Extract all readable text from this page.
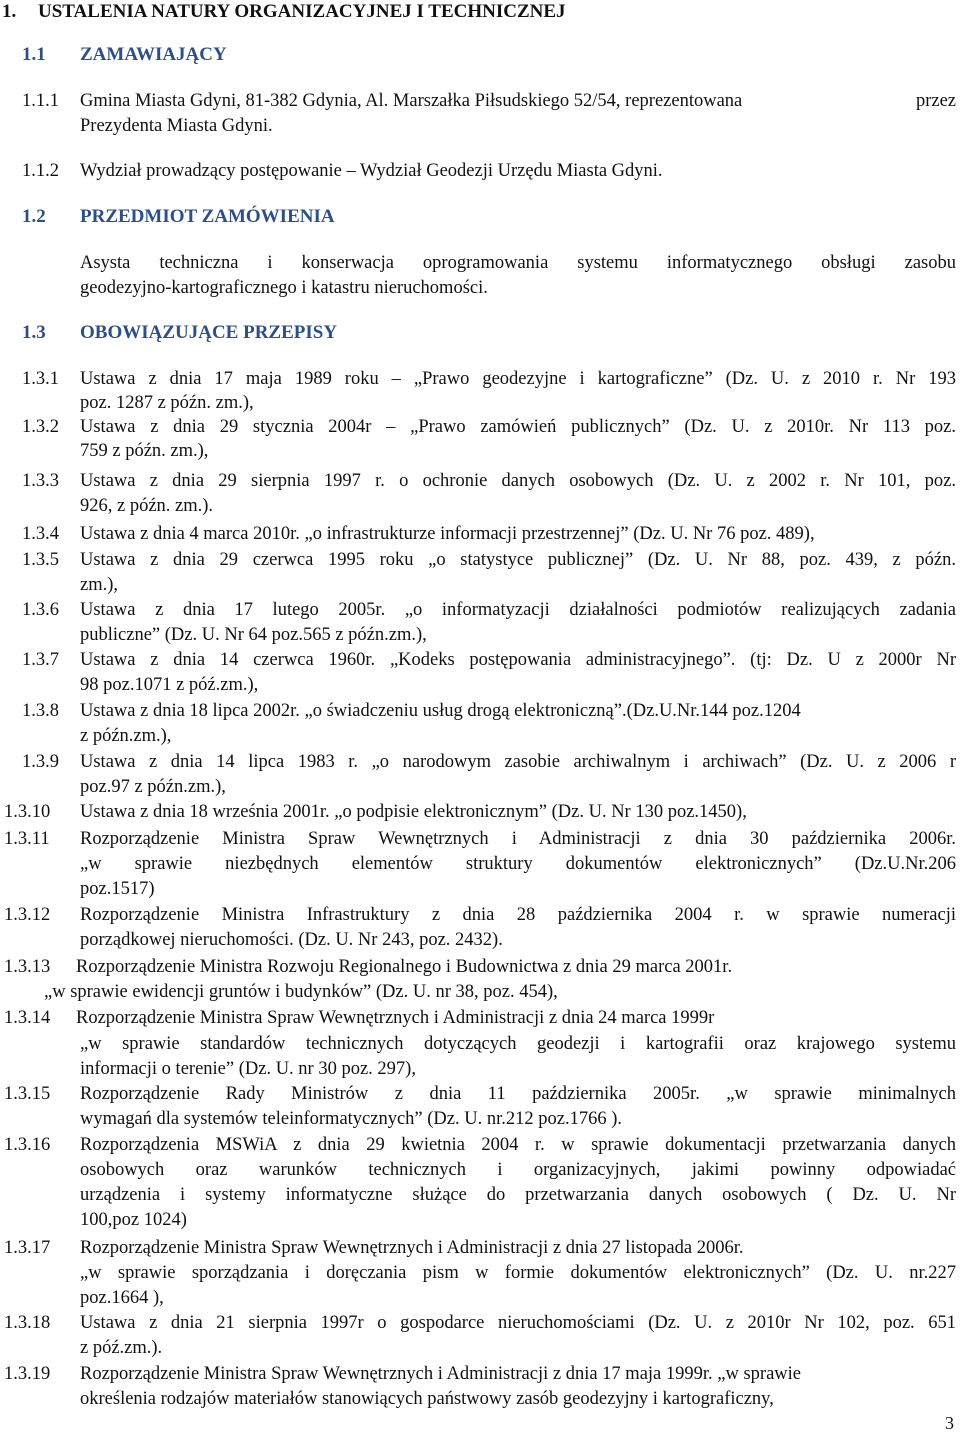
1. USTALENIA NATURY ORGANIZACYJNEJ I TECHNICZNEJ
1.1 ZAMAWIAJĄCY
1.1.1 Gmina Miasta Gdyni, 81-382 Gdynia, Al. Marszałka Piłsudskiego 52/54, reprezentowana	przez
Prezydenta Miasta Gdyni.
1.1.2 Wydział prowadzący postępowanie – Wydział Geodezji Urzędu Miasta Gdyni.
1.2 PRZEDMIOT ZAMÓWIENIA
Asysta techniczna i konserwacja oprogramowania systemu informatycznego obsługi zasobu
geodezyjno-kartograficznego i katastru nieruchomości.
1.3 OBOWIĄZUJĄCE PRZEPISY
1.3.1 Ustawa z dnia 17 maja 1989 roku – „Prawo geodezyjne i kartograficzne” (Dz. U. z 2010 r. Nr 193
poz. 1287 z późn. zm.),
1.3.2 Ustawa z dnia 29 stycznia 2004r – „Prawo zamówień publicznych” (Dz. U. z 2010r. Nr 113 poz.
759 z późn. zm.),
1.3.3 Ustawa z dnia 29 sierpnia 1997 r. o ochronie danych osobowych (Dz. U. z 2002 r. Nr 101, poz.
926, z późn. zm.).
1.3.4 Ustawa z dnia 4 marca 2010r. „o infrastrukturze informacji przestrzennej” (Dz. U. Nr 76 poz. 489),
1.3.5 Ustawa z dnia 29 czerwca 1995 roku „o statystyce publicznej” (Dz. U. Nr 88, poz. 439, z późn.
zm.),
1.3.6 Ustawa z dnia 17 lutego 2005r. „o informatyzacji działalności podmiotów realizujących zadania
publiczne” (Dz. U. Nr 64 poz.565 z późn.zm.),
1.3.7 Ustawa z dnia 14 czerwca 1960r. „Kodeks postępowania administracyjnego”. (tj: Dz. U z 2000r Nr
98 poz.1071 z póź.zm.),
1.3.8 Ustawa z dnia 18 lipca 2002r. „o świadczeniu usług drogą elektroniczną”.(Dz.U.Nr.144 poz.1204
z późn.zm.),
1.3.9 Ustawa z dnia 14 lipca 1983 r. „o narodowym zasobie archiwalnym i archiwach” (Dz. U. z 2006 r
poz.97 z późn.zm.),
1.3.10 Ustawa z dnia 18 września 2001r. „o podpisie elektronicznym” (Dz. U. Nr 130 poz.1450),
1.3.11 Rozporządzenie Ministra Spraw Wewnętrznych i Administracji z dnia 30 października 2006r.
„w sprawie niezbędnych elementów struktury dokumentów elektronicznych” (Dz.U.Nr.206
poz.1517)
1.3.12 Rozporządzenie Ministra Infrastruktury z dnia 28 października 2004 r. w sprawie numeracji
porządkowej nieruchomości. (Dz. U. Nr 243, poz. 2432).
1.3.13 Rozporządzenie Ministra Rozwoju Regionalnego i Budownictwa z dnia 29 marca 2001r.
„w sprawie ewidencji gruntów i budynków” (Dz. U. nr 38, poz. 454),
1.3.14 Rozporządzenie Ministra Spraw Wewnętrznych i Administracji z dnia 24 marca 1999r
„w sprawie standardów technicznych dotyczących geodezji i kartografii oraz krajowego systemu
informacji o terenie” (Dz. U. nr 30 poz. 297),
1.3.15 Rozporządzenie Rady Ministrów z dnia 11 października 2005r. „w sprawie minimalnych
wymagań dla systemów teleinformatycznych” (Dz. U. nr.212 poz.1766 ).
1.3.16 Rozporządzenia MSWiA z dnia 29 kwietnia 2004 r. w sprawie dokumentacji przetwarzania danych
osobowych oraz warunków technicznych i organizacyjnych, jakimi powinny odpowiadać
urządzenia i systemy informatyczne służące do przetwarzania danych osobowych ( Dz. U. Nr
100,poz 1024)
1.3.17 Rozporządzenie Ministra Spraw Wewnętrznych i Administracji z dnia 27 listopada 2006r.
„w sprawie sporządzania i doręczania pism w formie dokumentów elektronicznych” (Dz. U. nr.227
poz.1664 ),
1.3.18 Ustawa z dnia 21 sierpnia 1997r o gospodarce nieruchomościami (Dz. U. z 2010r Nr 102, poz. 651
z póź.zm.).
1.3.19 Rozporządzenie Ministra Spraw Wewnętrznych i Administracji z dnia 17 maja 1999r. „w sprawie
określenia rodzajów materiałów stanowiących państwowy zasób geodezyjny i kartograficzny,
3
